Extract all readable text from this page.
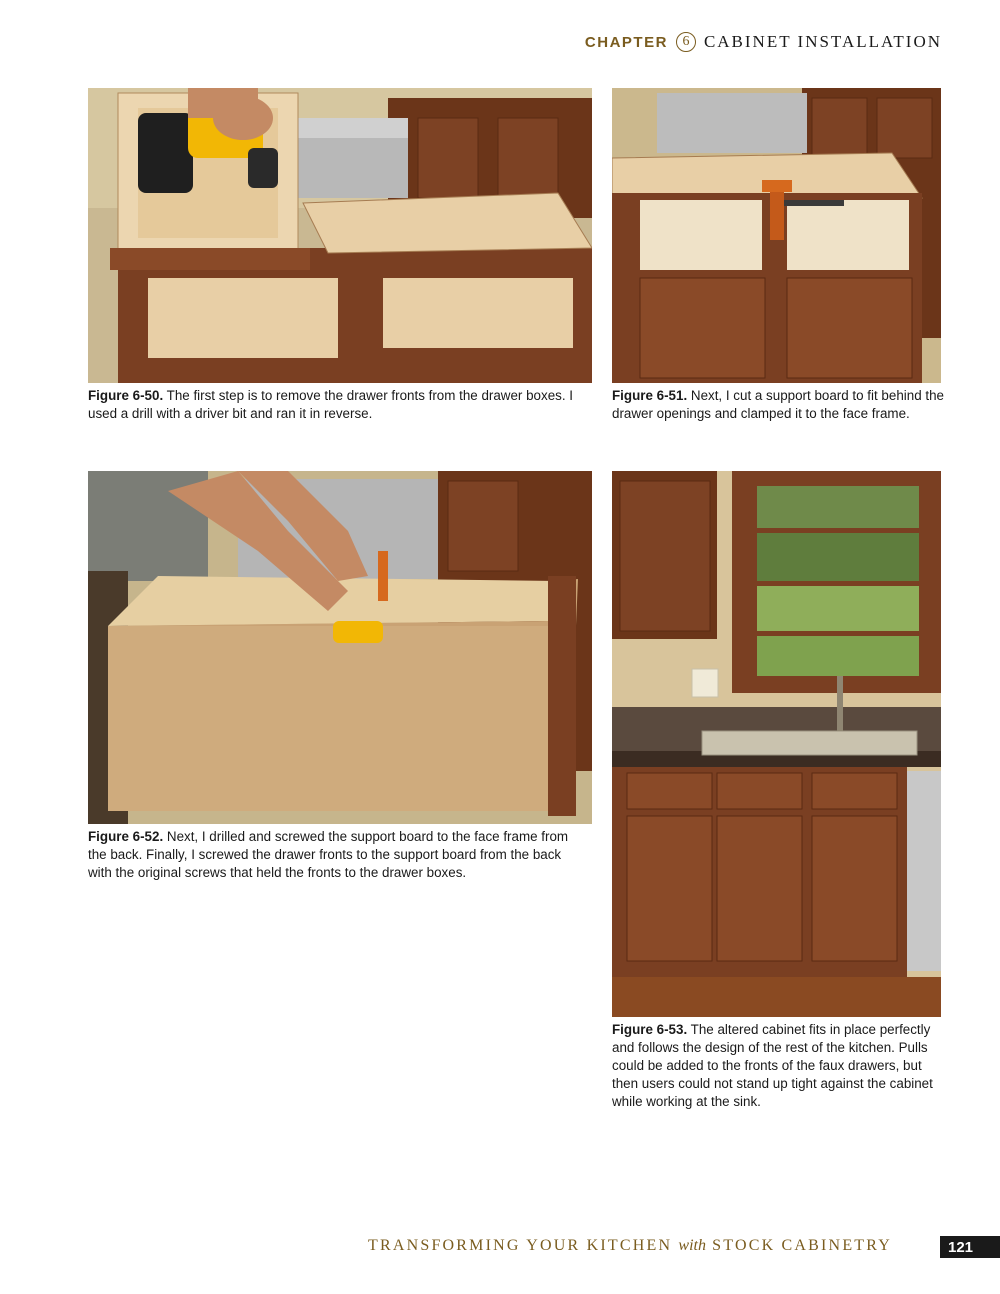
CHAPTER	6 CABINET INSTALLATION
Figure 6-50. The first step is to remove the drawer fronts from the drawer boxes. I used a drill with a driver bit and ran it in reverse.
Figure 6-51. Next, I cut a support board to fit behind the drawer openings and clamped it to the face frame.
Figure 6-52. Next, I drilled and screwed the support board to the face frame from the back. Finally, I screwed the drawer fronts to the support board from the back with the original screws that held the fronts to the drawer boxes.
Figure 6-53. The altered cabinet fits in place perfectly and follows the design of the rest of the kitchen. Pulls could be added to the fronts of the faux drawers, but then users could not stand up tight against the cabinet while working at the sink.
TRANSFORMING YOUR KITCHEN with STOCK CABINETRY	121
